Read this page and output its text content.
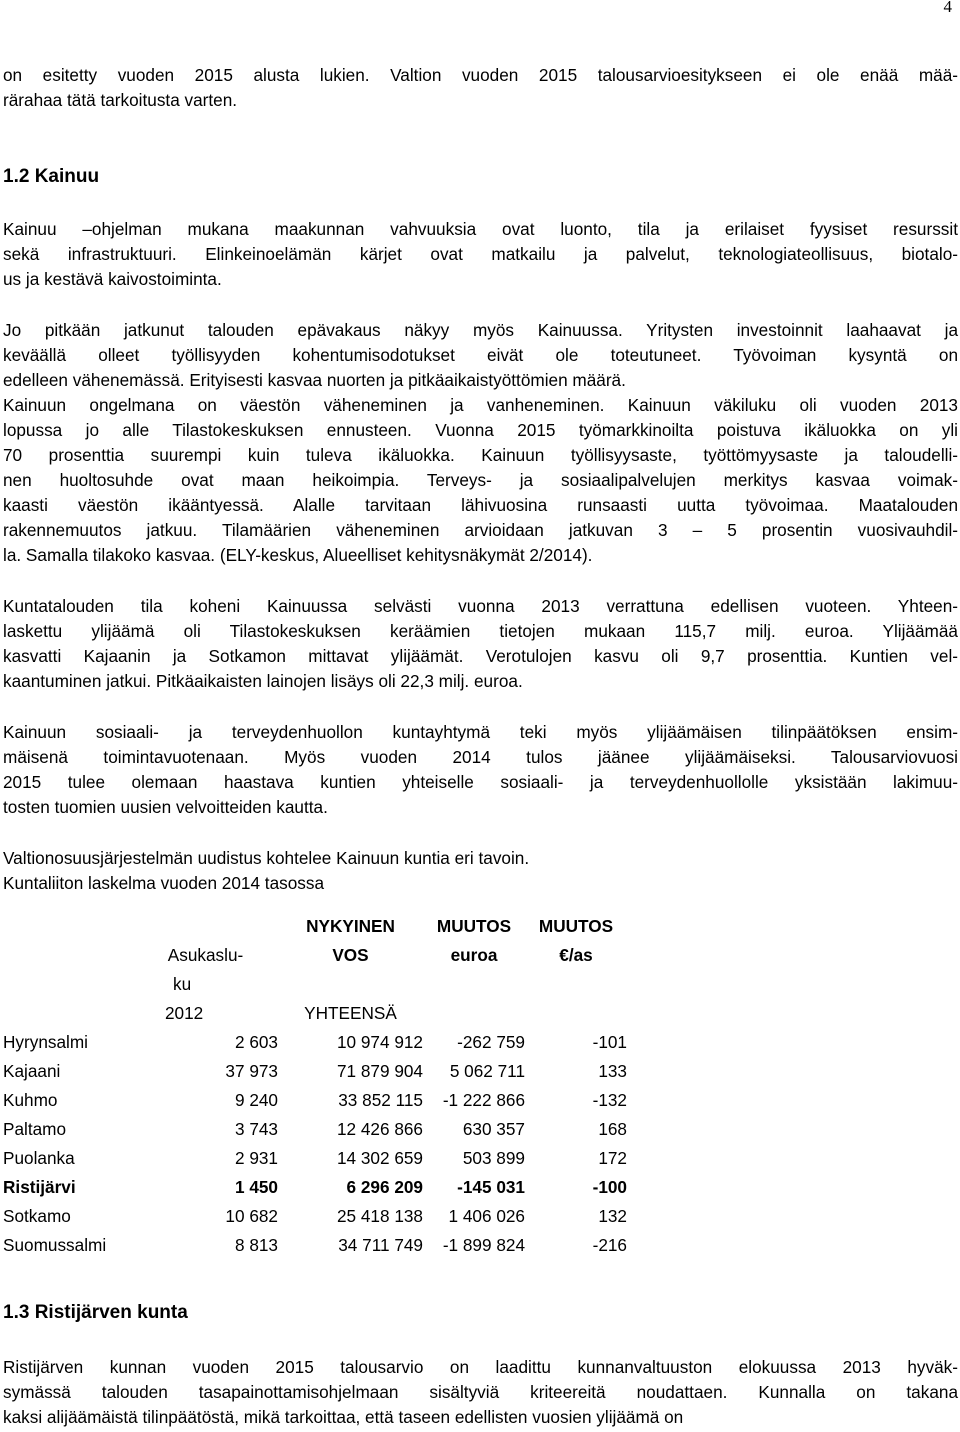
4
on esitetty vuoden 2015 alusta lukien. Valtion vuoden 2015 talousarvioesitykseen ei ole enää mää-
rärahaa tätä tarkoitusta varten.
1.2 Kainuu
Kainuu –ohjelman mukana maakunnan vahvuuksia ovat luonto, tila ja erilaiset fyysiset resurssit
sekä infrastruktuuri. Elinkeinoelämän kärjet ovat matkailu ja palvelut, teknologiateollisuus, biotalo-
us ja kestävä kaivostoiminta.
Jo pitkään jatkunut talouden epävakaus näkyy myös Kainuussa. Yritysten investoinnit laahaavat ja
keväällä olleet työllisyyden kohentumisodotukset eivät ole toteutuneet. Työvoiman kysyntä on
edelleen vähenemässä. Erityisesti kasvaa nuorten ja pitkäaikaistyöttömien määrä.
Kainuun ongelmana on väestön väheneminen ja vanheneminen. Kainuun väkiluku oli vuoden 2013
lopussa jo alle Tilastokeskuksen ennusteen. Vuonna 2015 työmarkkinoilta poistuva ikäluokka on yli
70 prosenttia suurempi kuin tuleva ikäluokka. Kainuun työllisyysaste, työttömyysaste ja taloudelli-
nen huoltosuhde ovat maan heikoimpia. Terveys- ja sosiaalipalvelujen merkitys kasvaa voimak-
kaasti väestön ikääntyessä. Alalle tarvitaan lähivuosina runsaasti uutta työvoimaa. Maatalouden
rakennemuutos jatkuu. Tilamäärien väheneminen arvioidaan jatkuvan 3 – 5 prosentin vuosivauhdil-
la. Samalla tilakoko kasvaa. (ELY-keskus, Alueelliset kehitysnäkymät 2/2014).
Kuntatalouden tila koheni Kainuussa selvästi vuonna 2013 verrattuna edellisen vuoteen. Yhteen-
laskettu ylijäämä oli Tilastokeskuksen keräämien tietojen mukaan 115,7 milj. euroa. Ylijäämää
kasvatti Kajaanin ja Sotkamon mittavat ylijäämät. Verotulojen kasvu oli 9,7 prosenttia. Kuntien vel-
kaantuminen jatkui. Pitkäaikaisten lainojen lisäys oli 22,3 milj. euroa.
Kainuun sosiaali- ja terveydenhuollon kuntayhtymä teki myös ylijäämäisen tilinpäätöksen ensim-
mäisenä toimintavuotenaan. Myös vuoden 2014 tulos jäänee ylijäämäiseksi. Talousarviovuosi
2015 tulee olemaan haastava kuntien yhteiselle sosiaali- ja terveydenhuollolle yksistään lakimuu-
tosten tuomien uusien velvoitteiden kautta.
Valtionosuusjärjestelmän uudistus kohtelee Kainuun kuntia eri tavoin.
Kuntaliiton laskelma vuoden 2014 tasossa
		NYKYINEN	MUUTOS	MUUTOS
	Asukaslu-	VOS	euroa	€/as
	ku			
	2012	YHTEENSÄ		
Hyrynsalmi	2 603	10 974 912	-262 759	-101
Kajaani	37 973	71 879 904	5 062 711	133
Kuhmo	9 240	33 852 115	-1 222 866	-132
Paltamo	3 743	12 426 866	630 357	168
Puolanka	2 931	14 302 659	503 899	172
Ristijärvi	1 450	6 296 209	-145 031	-100
Sotkamo	10 682	25 418 138	1 406 026	132
Suomussalmi	8 813	34 711 749	-1 899 824	-216
1.3 Ristijärven kunta
Ristijärven kunnan vuoden 2015 talousarvio on laadittu kunnanvaltuuston elokuussa 2013 hyväk-
symässä talouden tasapainottamisohjelmaan sisältyviä kriteereitä noudattaen. Kunnalla on takana
kaksi alijäämäistä tilinpäätöstä, mikä tarkoittaa, että taseen edellisten vuosien ylijäämä on
